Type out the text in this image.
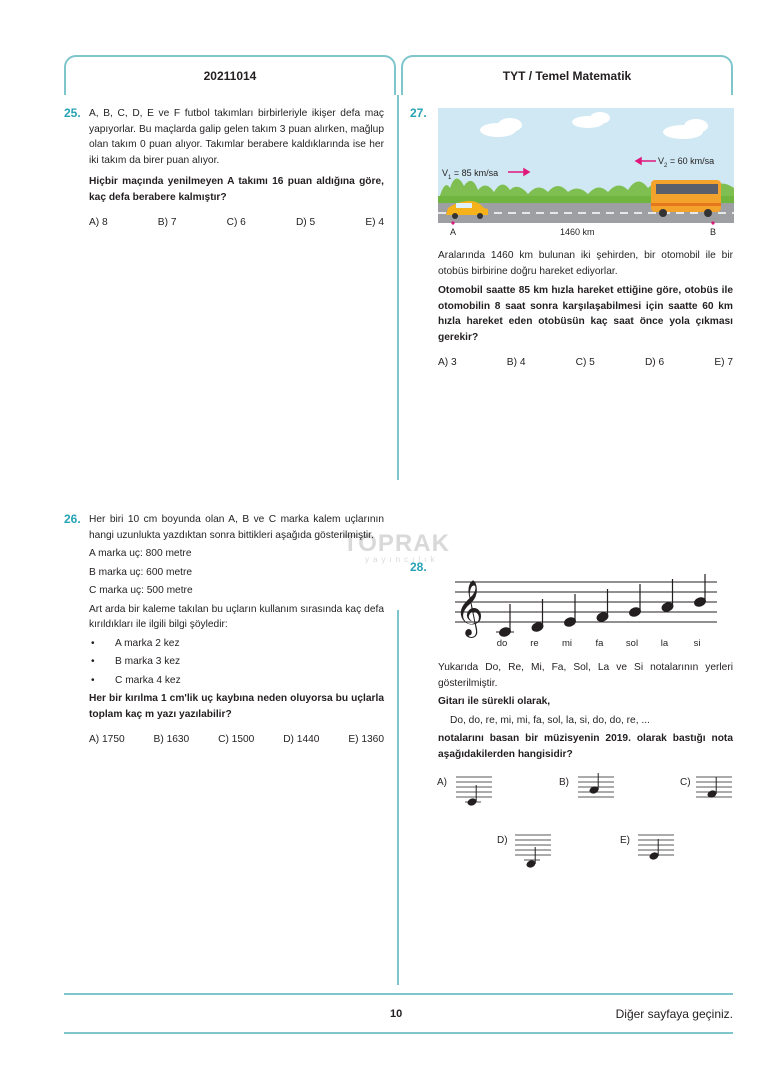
20211014	TYT / Temel Matematik
TOPRAK
yayıncılık
25. A, B, C, D, E ve F futbol takımları birbirleriyle ikişer defa maç yapıyorlar. Bu maçlarda galip gelen takım 3 puan alırken, mağlup olan takım 0 puan alıyor. Takımlar berabere kaldıklarında ise her iki takım da birer puan alıyor.

Hiçbir maçında yenilmeyen A takımı 16 puan aldığına göre, kaç defa berabere kalmıştır?

A) 8	B) 7	C) 6	D) 5	E) 4
26. Her biri 10 cm boyunda olan A, B ve C marka kalem uçlarının hangi uzunlukta yazdıktan sonra bittikleri aşağıda gösterilmiştir.

A marka uç: 800 metre

B marka uç: 600 metre

C marka uç: 500 metre

Art arda bir kaleme takılan bu uçların kullanım sırasında kaç defa kırıldıkları ile ilgili bilgi şöyledir:

•	A marka 2 kez
•	B marka 3 kez
•	C marka 4 kez

Her bir kırılma 1 cm'lik uç kaybına neden oluyorsa bu uçlarla toplam kaç m yazı yazılabilir?

A) 1750	B) 1630	C) 1500	D) 1440	E) 1360
27.
$V_1 = 85$ km/sa
$V_2 = 60$ km/sa
A	B
1460 km

Aralarında 1460 km bulunan iki şehirden, bir otomobil ile bir otobüs birbirine doğru hareket ediyorlar.

Otomobil saatte 85 km hızla hareket ettiğine göre, otobüs ile otomobilin 8 saat sonra karşılaşabilmesi için saatte 60 km hızla hareket eden otobüsün kaç saat önce yola çıkması gerekir?

A) 3	B) 4	C) 5	D) 6	E) 7
28.
𝄞
do re mi fa sol la	si

Yukarıda Do, Re, Mi, Fa, Sol, La ve Si notalarının yerleri gösterilmiştir.

Gitarı ile sürekli olarak,

Do, do, re, mi, mi, fa, sol, la, si, do, do, re, ...

notalarını basan bir müzisyenin 2019. olarak bastığı nota aşağıdakilerden hangisidir?

A)	B)	C)
D)	E)
10	Diğer sayfaya geçiniz.
